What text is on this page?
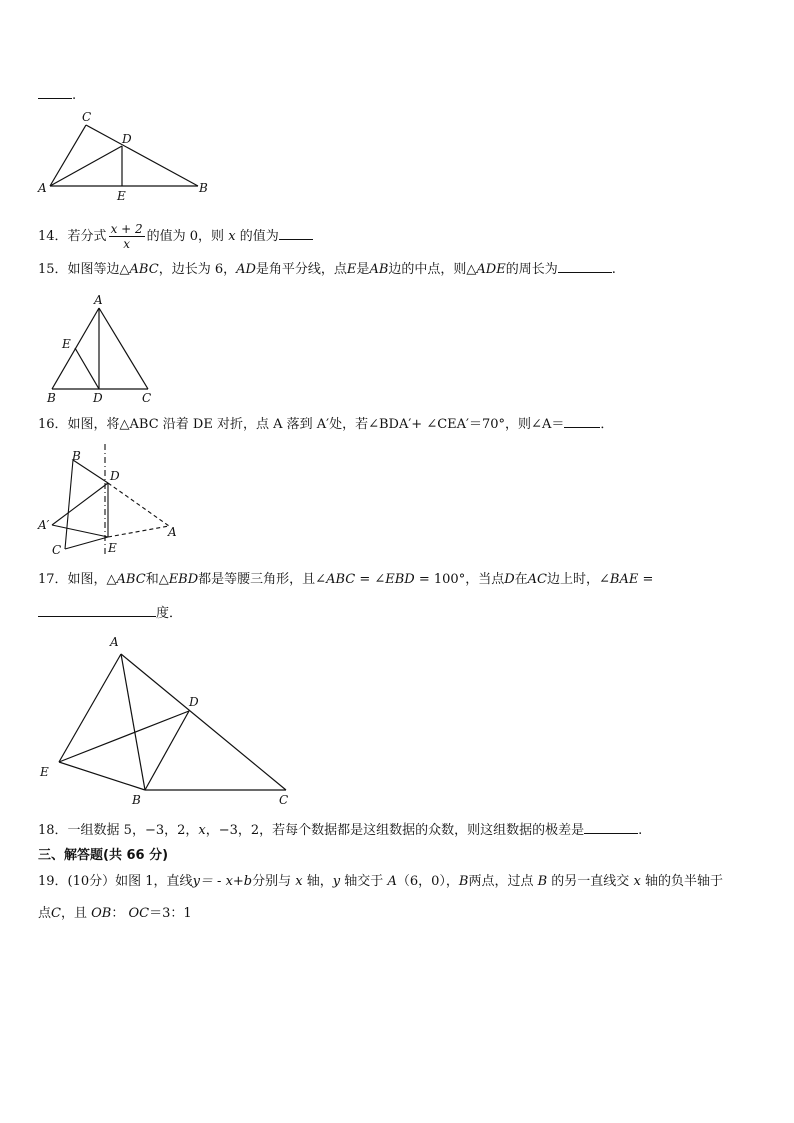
.
C
D
A
E
B
14．若分式 $\frac{x + 2}{x}$ 的值为 0，则 x 的值为
15．如图等边△ABC，边长为 6，AD是角平分线，点E是AB边的中点，则△ADE的周长为	.
A
E
B	D	C
16．如图，将△ABC 沿着 DE 对折，点 A 落到 A′处，若∠BDA′+ ∠CEA′＝70°，则∠A＝	．
B
D
A′	A
C	E
17．如图，△ABC和△EBD都是等腰三角形，且∠ABC = ∠EBD = 100°，当点D在AC边上时，∠BAE =
度．
A
D
E
B	C
18．一组数据 5，−3，2，x，−3，2，若每个数据都是这组数据的众数，则这组数据的极差是	.
三、解答题(共 66 分)
19．(10分）如图 1，直线y＝ - x+b分别与 x 轴，y 轴交于 A（6，0），B两点，过点 B 的另一直线交 x 轴的负半轴于
点C，且 OB： OC＝3：1
